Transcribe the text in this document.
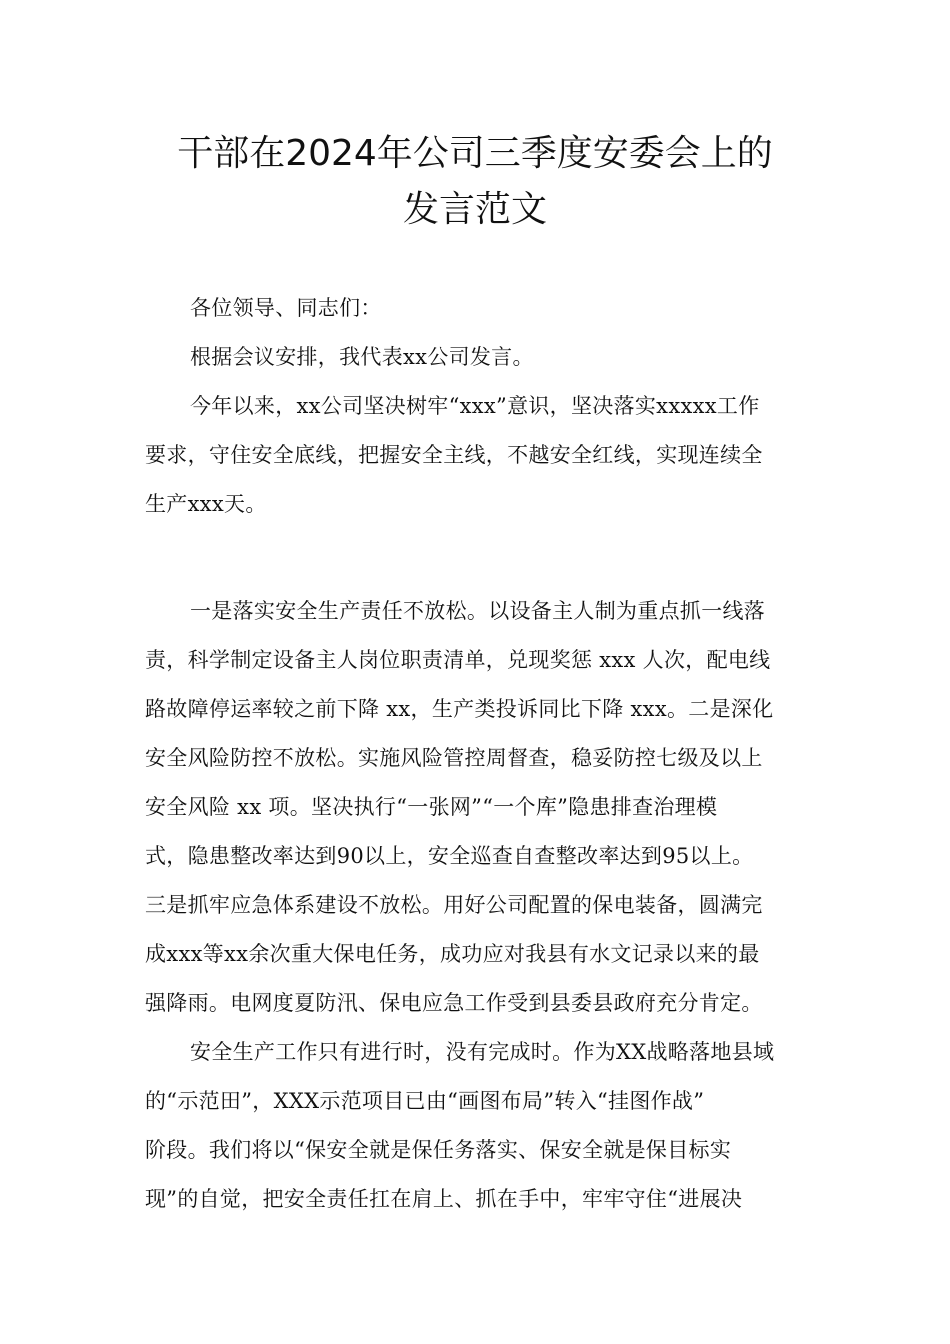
干部在2024年公司三季度安委会上的
发言范文
各位领导、同志们：
根据会议安排，我代表xx公司发言。
今年以来，xx公司坚决树牢“xxx”意识，坚决落实xxxxx工作
要求，守住安全底线，把握安全主线，不越安全红线，实现连续全
生产xxx天。
一是落实安全生产责任不放松。以设备主人制为重点抓一线落
责，科学制定设备主人岗位职责清单，兑现奖惩 xxx 人次，配电线
路故障停运率较之前下降 xx，生产类投诉同比下降 xxx。二是深化
安全风险防控不放松。实施风险管控周督查，稳妥防控七级及以上
安全风险 xx 项。坚决执行“一张网”“一个库”隐患排查治理模
式，隐患整改率达到90以上，安全巡查自查整改率达到95以上。
三是抓牢应急体系建设不放松。用好公司配置的保电装备，圆满完
成xxx等xx余次重大保电任务，成功应对我县有水文记录以来的最
强降雨。电网度夏防汛、保电应急工作受到县委县政府充分肯定。
安全生产工作只有进行时，没有完成时。作为XX战略落地县域
的“示范田”，XXX示范项目已由“画图布局”转入“挂图作战”
阶段。我们将以“保安全就是保任务落实、保安全就是保目标实
现”的自觉，把安全责任扛在肩上、抓在手中，牢牢守住“进展决
